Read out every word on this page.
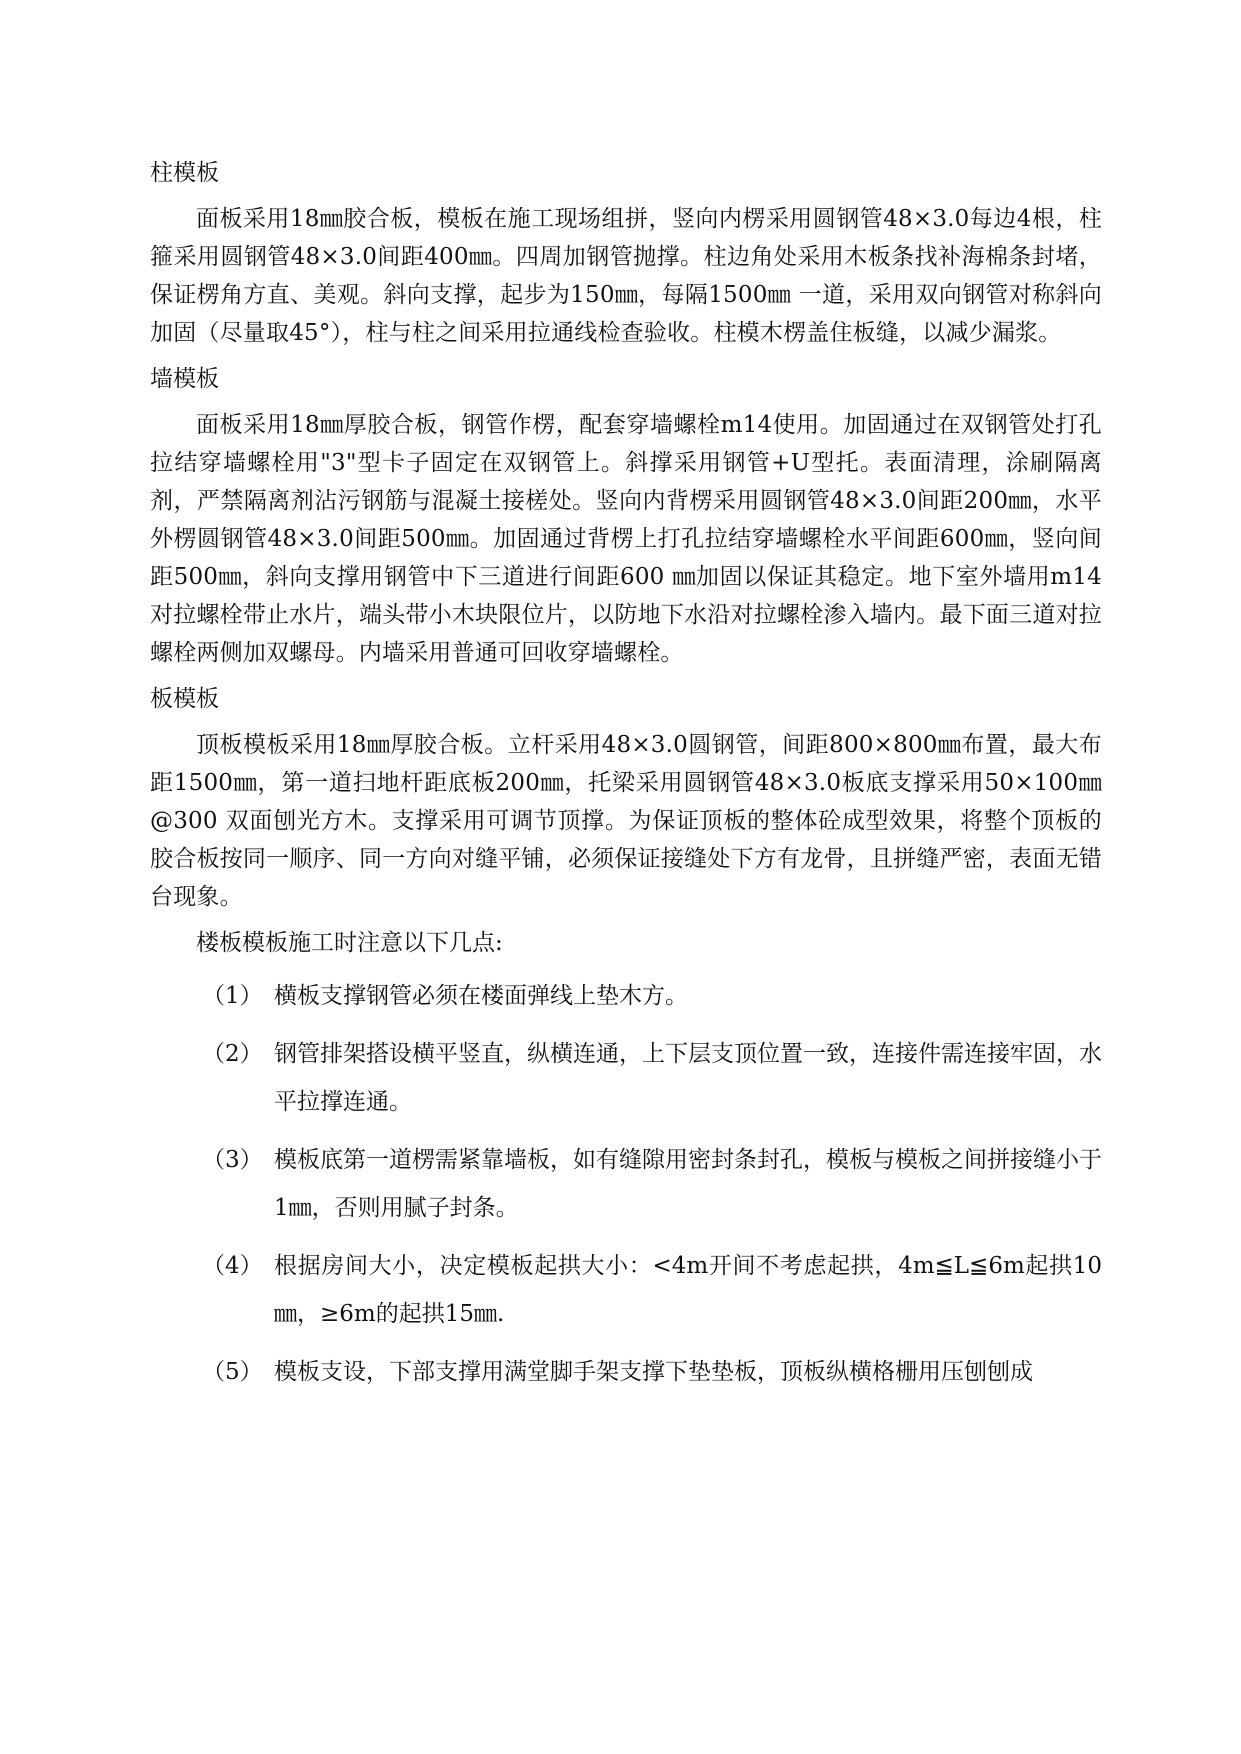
柱模板

面板采用18㎜胶合板，模板在施工现场组拼，竖向内楞采用圆钢管48×3.0每边4根，柱箍采用圆钢管48×3.0间距400㎜。四周加钢管抛撑。柱边角处采用木板条找补海棉条封堵，保证楞角方直、美观。斜向支撑，起步为150㎜，每隔1500㎜ 一道，采用双向钢管对称斜向加固（尽量取45°），柱与柱之间采用拉通线检查验收。柱模木楞盖住板缝，以减少漏浆。

墙模板

面板采用18㎜厚胶合板，钢管作楞，配套穿墙螺栓m14使用。加固通过在双钢管处打孔拉结穿墙螺栓用"3"型卡子固定在双钢管上。斜撑采用钢管+U型托。表面清理，涂刷隔离剂，严禁隔离剂沾污钢筋与混凝土接槎处。竖向内背楞采用圆钢管48×3.0间距200㎜，水平外楞圆钢管48×3.0间距500㎜。加固通过背楞上打孔拉结穿墙螺栓水平间距600㎜，竖向间距500㎜，斜向支撑用钢管中下三道进行间距600 ㎜加固以保证其稳定。地下室外墙用m14对拉螺栓带止水片，端头带小木块限位片，以防地下水沿对拉螺栓渗入墙内。最下面三道对拉螺栓两侧加双螺母。内墙采用普通可回收穿墙螺栓。

板模板

顶板模板采用18㎜厚胶合板。立杆采用48×3.0圆钢管，间距800×800㎜布置，最大布距1500㎜，第一道扫地杆距底板200㎜，托梁采用圆钢管48×3.0板底支撑采用50×100㎜@300 双面刨光方木。支撑采用可调节顶撑。为保证顶板的整体砼成型效果，将整个顶板的胶合板按同一顺序、同一方向对缝平铺，必须保证接缝处下方有龙骨，且拼缝严密，表面无错台现象。

楼板模板施工时注意以下几点:

（1） 横板支撑钢管必须在楼面弹线上垫木方。
（2） 钢管排架搭设横平竖直，纵横连通，上下层支顶位置一致，连接件需连接牢固，水平拉撑连通。
（3） 模板底第一道楞需紧靠墙板，如有缝隙用密封条封孔，模板与模板之间拼接缝小于1㎜，否则用腻子封条。
（4） 根据房间大小，决定模板起拱大小：<4m开间不考虑起拱，4m≦L≦6m起拱10㎜，≥6m的起拱15㎜.
（5） 模板支设，下部支撑用满堂脚手架支撑下垫垫板，顶板纵横格栅用压刨刨成
